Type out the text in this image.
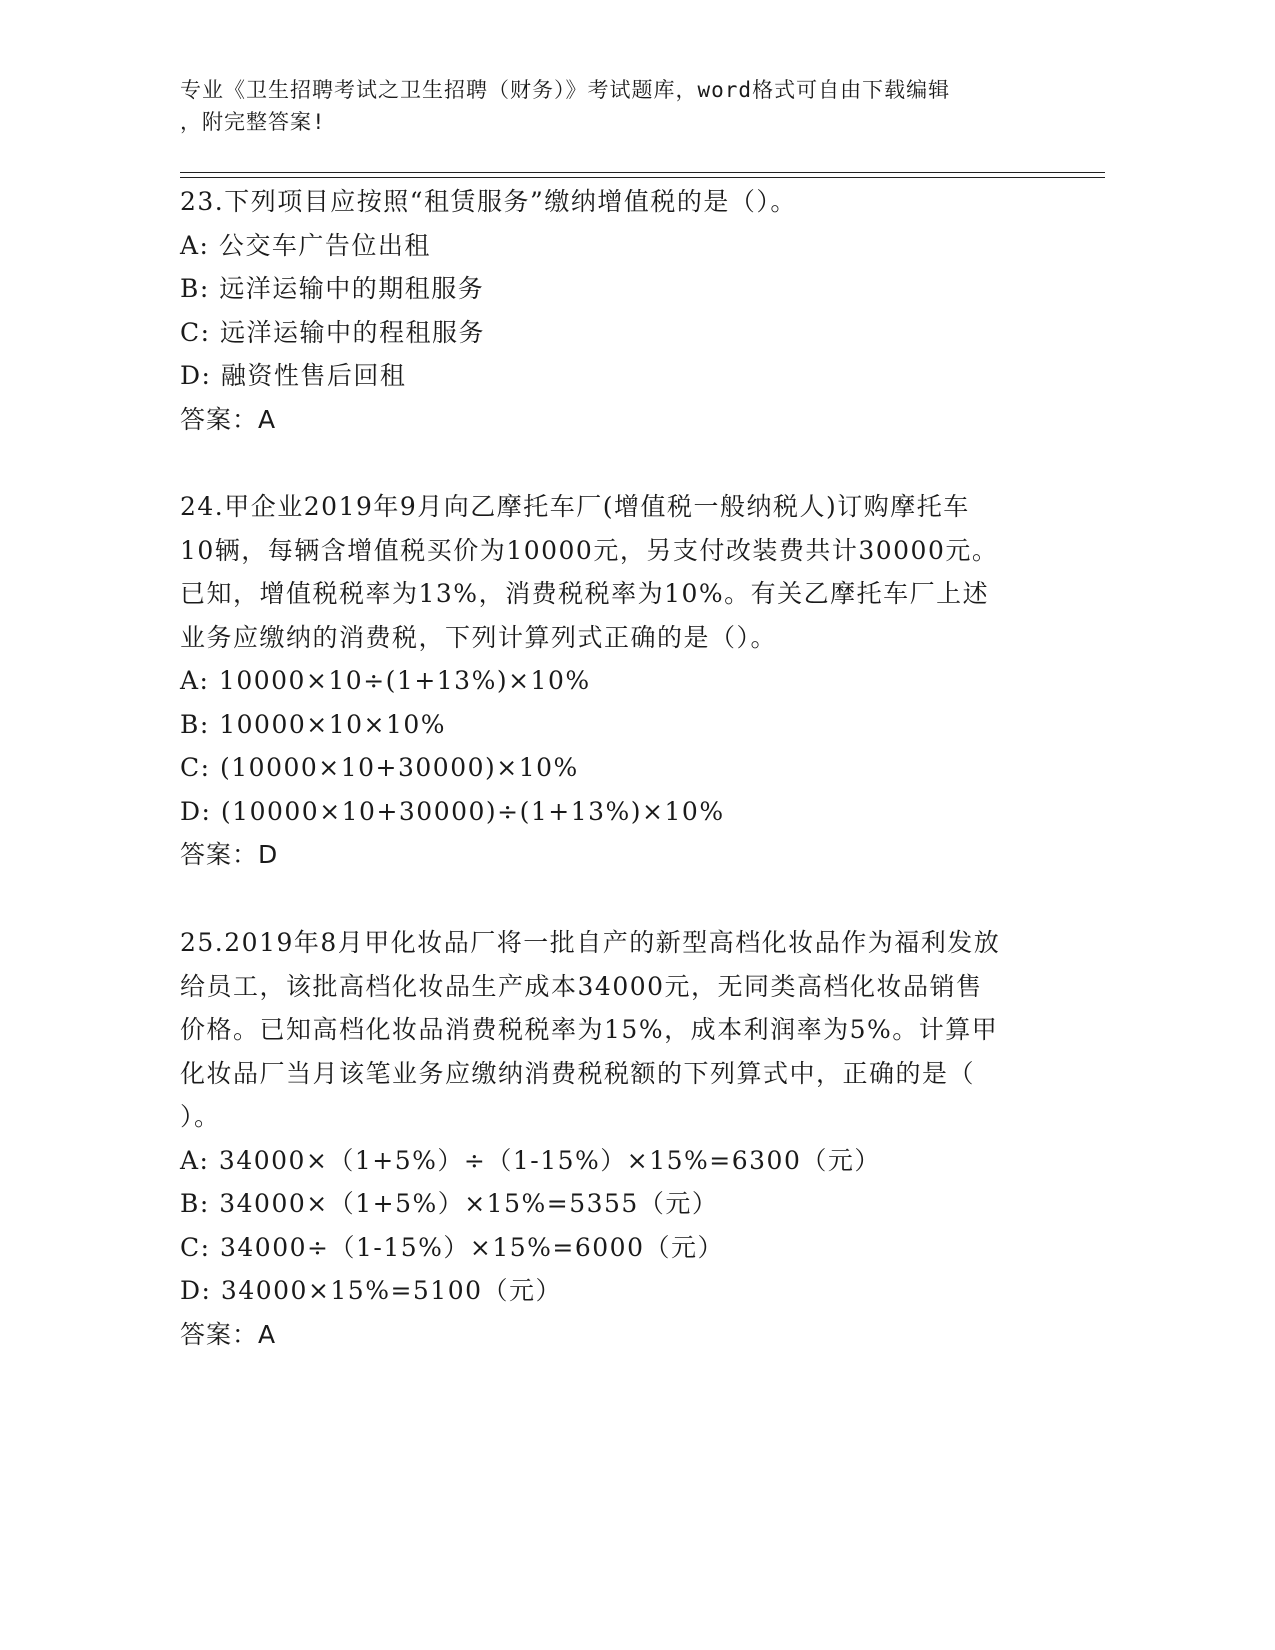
专业《卫生招聘考试之卫生招聘（财务）》考试题库，word格式可自由下载编辑
，附完整答案!
23.下列项目应按照“租赁服务”缴纳增值税的是（）。
A: 公交车广告位出租
B: 远洋运输中的期租服务
C: 远洋运输中的程租服务
D: 融资性售后回租
答案：A
24.甲企业2019年9月向乙摩托车厂(增值税一般纳税人)订购摩托车
10辆，每辆含增值税买价为10000元，另支付改装费共计30000元。
已知，增值税税率为13%，消费税税率为10%。有关乙摩托车厂上述
业务应缴纳的消费税，下列计算列式正确的是（）。
A: 10000×10÷(1+13%)×10%
B: 10000×10×10%
C: (10000×10+30000)×10%
D: (10000×10+30000)÷(1+13%)×10%
答案：D
25.2019年8月甲化妆品厂将一批自产的新型高档化妆品作为福利发放
给员工，该批高档化妆品生产成本34000元，无同类高档化妆品销售
价格。已知高档化妆品消费税税率为15%，成本利润率为5%。计算甲
化妆品厂当月该笔业务应缴纳消费税税额的下列算式中，正确的是（
）。
A: 34000×（1+5%）÷（1-15%）×15%=6300（元）
B: 34000×（1+5%）×15%=5355（元）
C: 34000÷（1-15%）×15%=6000（元）
D: 34000×15%=5100（元）
答案：A
